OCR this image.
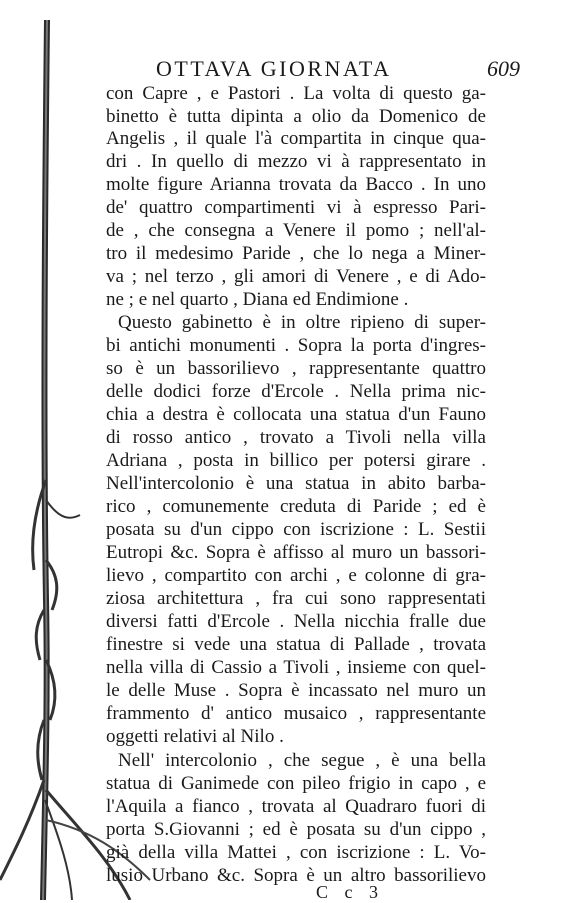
OTTAVA GIORNATA	609
con Capre , e Pastori . La volta di questo ga-
binetto è tutta dipinta a olio da Domenico de
Angelis , il quale l'à compartita in cinque qua-
dri . In quello di mezzo vi à rappresentato in
molte figure Arianna trovata da Bacco . In uno
de' quattro compartimenti vi à espresso Pari-
de , che consegna a Venere il pomo ; nell'al-
tro il medesimo Paride , che lo nega a Miner-
va ; nel terzo , gli amori di Venere , e di Ado-
ne ; e nel quarto , Diana ed Endimione .
Questo gabinetto è in oltre ripieno di super-
bi antichi monumenti . Sopra la porta d'ingres-
so è un bassorilievo , rappresentante quattro
delle dodici forze d'Ercole . Nella prima nic-
chia a destra è collocata una statua d'un Fauno
di rosso antico , trovato a Tivoli nella villa
Adriana , posta in billico per potersi girare .
Nell'intercolonio è una statua in abito barba-
rico , comunemente creduta di Paride ; ed è
posata su d'un cippo con iscrizione : L. Sestii
Eutropi &c. Sopra è affisso al muro un bassori-
lievo , compartito con archi , e colonne di gra-
ziosa architettura , fra cui sono rappresentati
diversi fatti d'Ercole . Nella nicchia fralle due
finestre si vede una statua di Pallade , trovata
nella villa di Cassio a Tivoli , insieme con quel-
le delle Muse . Sopra è incassato nel muro un
frammento d' antico musaico , rappresentante
oggetti relativi al Nilo .
Nell' intercolonio , che segue , è una bella
statua di Ganimede con pileo frigio in capo , e
l'Aquila a fianco , trovata al Quadraro fuori di
porta S.Giovanni ; ed è posata su d'un cippo ,
già della villa Mattei , con iscrizione : L. Vo-
lusio Urbano &c. Sopra è un altro bassorilievo
C c 3
